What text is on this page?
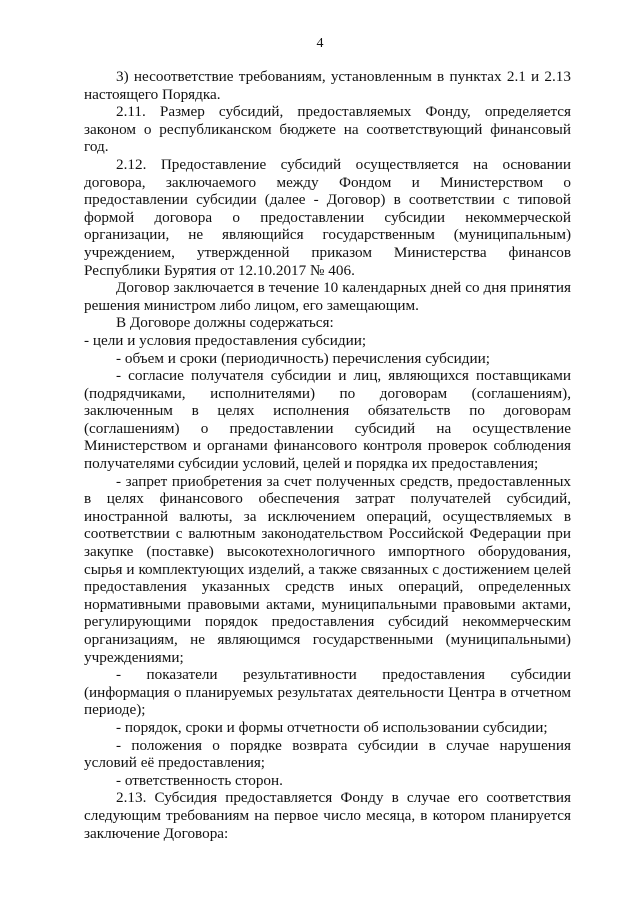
4

3) несоответствие требованиям, установленным в пунктах 2.1 и 2.13 настоящего Порядка.

2.11. Размер субсидий, предоставляемых Фонду, определяется законом о республиканском бюджете на соответствующий финансовый год.

2.12. Предоставление субсидий осуществляется на основании договора, заключаемого между Фондом и Министерством о предоставлении субсидии (далее - Договор) в соответствии с типовой формой договора о предоставлении субсидии некоммерческой организации, не являющийся государственным (муниципальным) учреждением, утвержденной приказом Министерства финансов Республики Бурятия от 12.10.2017 № 406.

Договор заключается в течение 10 календарных дней со дня принятия решения министром либо лицом, его замещающим.

В Договоре должны содержаться:

- цели и условия предоставления субсидии;

- объем и сроки (периодичность) перечисления субсидии;

- согласие получателя субсидии и лиц, являющихся поставщиками (подрядчиками, исполнителями) по договорам (соглашениям), заключенным в целях исполнения обязательств по договорам (соглашениям) о предоставлении субсидий на осуществление Министерством и органами финансового контроля проверок соблюдения получателями субсидии условий, целей и порядка их предоставления;

- запрет приобретения за счет полученных средств, предоставленных в целях финансового обеспечения затрат получателей субсидий, иностранной валюты, за исключением операций, осуществляемых в соответствии с валютным законодательством Российской Федерации при закупке (поставке) высокотехнологичного импортного оборудования, сырья и комплектующих изделий, а также связанных с достижением целей предоставления указанных средств иных операций, определенных нормативными правовыми актами, муниципальными правовыми актами, регулирующими порядок предоставления субсидий некоммерческим организациям, не являющимся государственными (муниципальными) учреждениями;

- показатели результативности предоставления субсидии (информация о планируемых результатах деятельности Центра в отчетном периоде);

- порядок, сроки и формы отчетности об использовании субсидии;

- положения о порядке возврата субсидии в случае нарушения условий её предоставления;

- ответственность сторон.

2.13. Субсидия предоставляется Фонду в случае его соответствия следующим требованиям на первое число месяца, в котором планируется заключение Договора:
